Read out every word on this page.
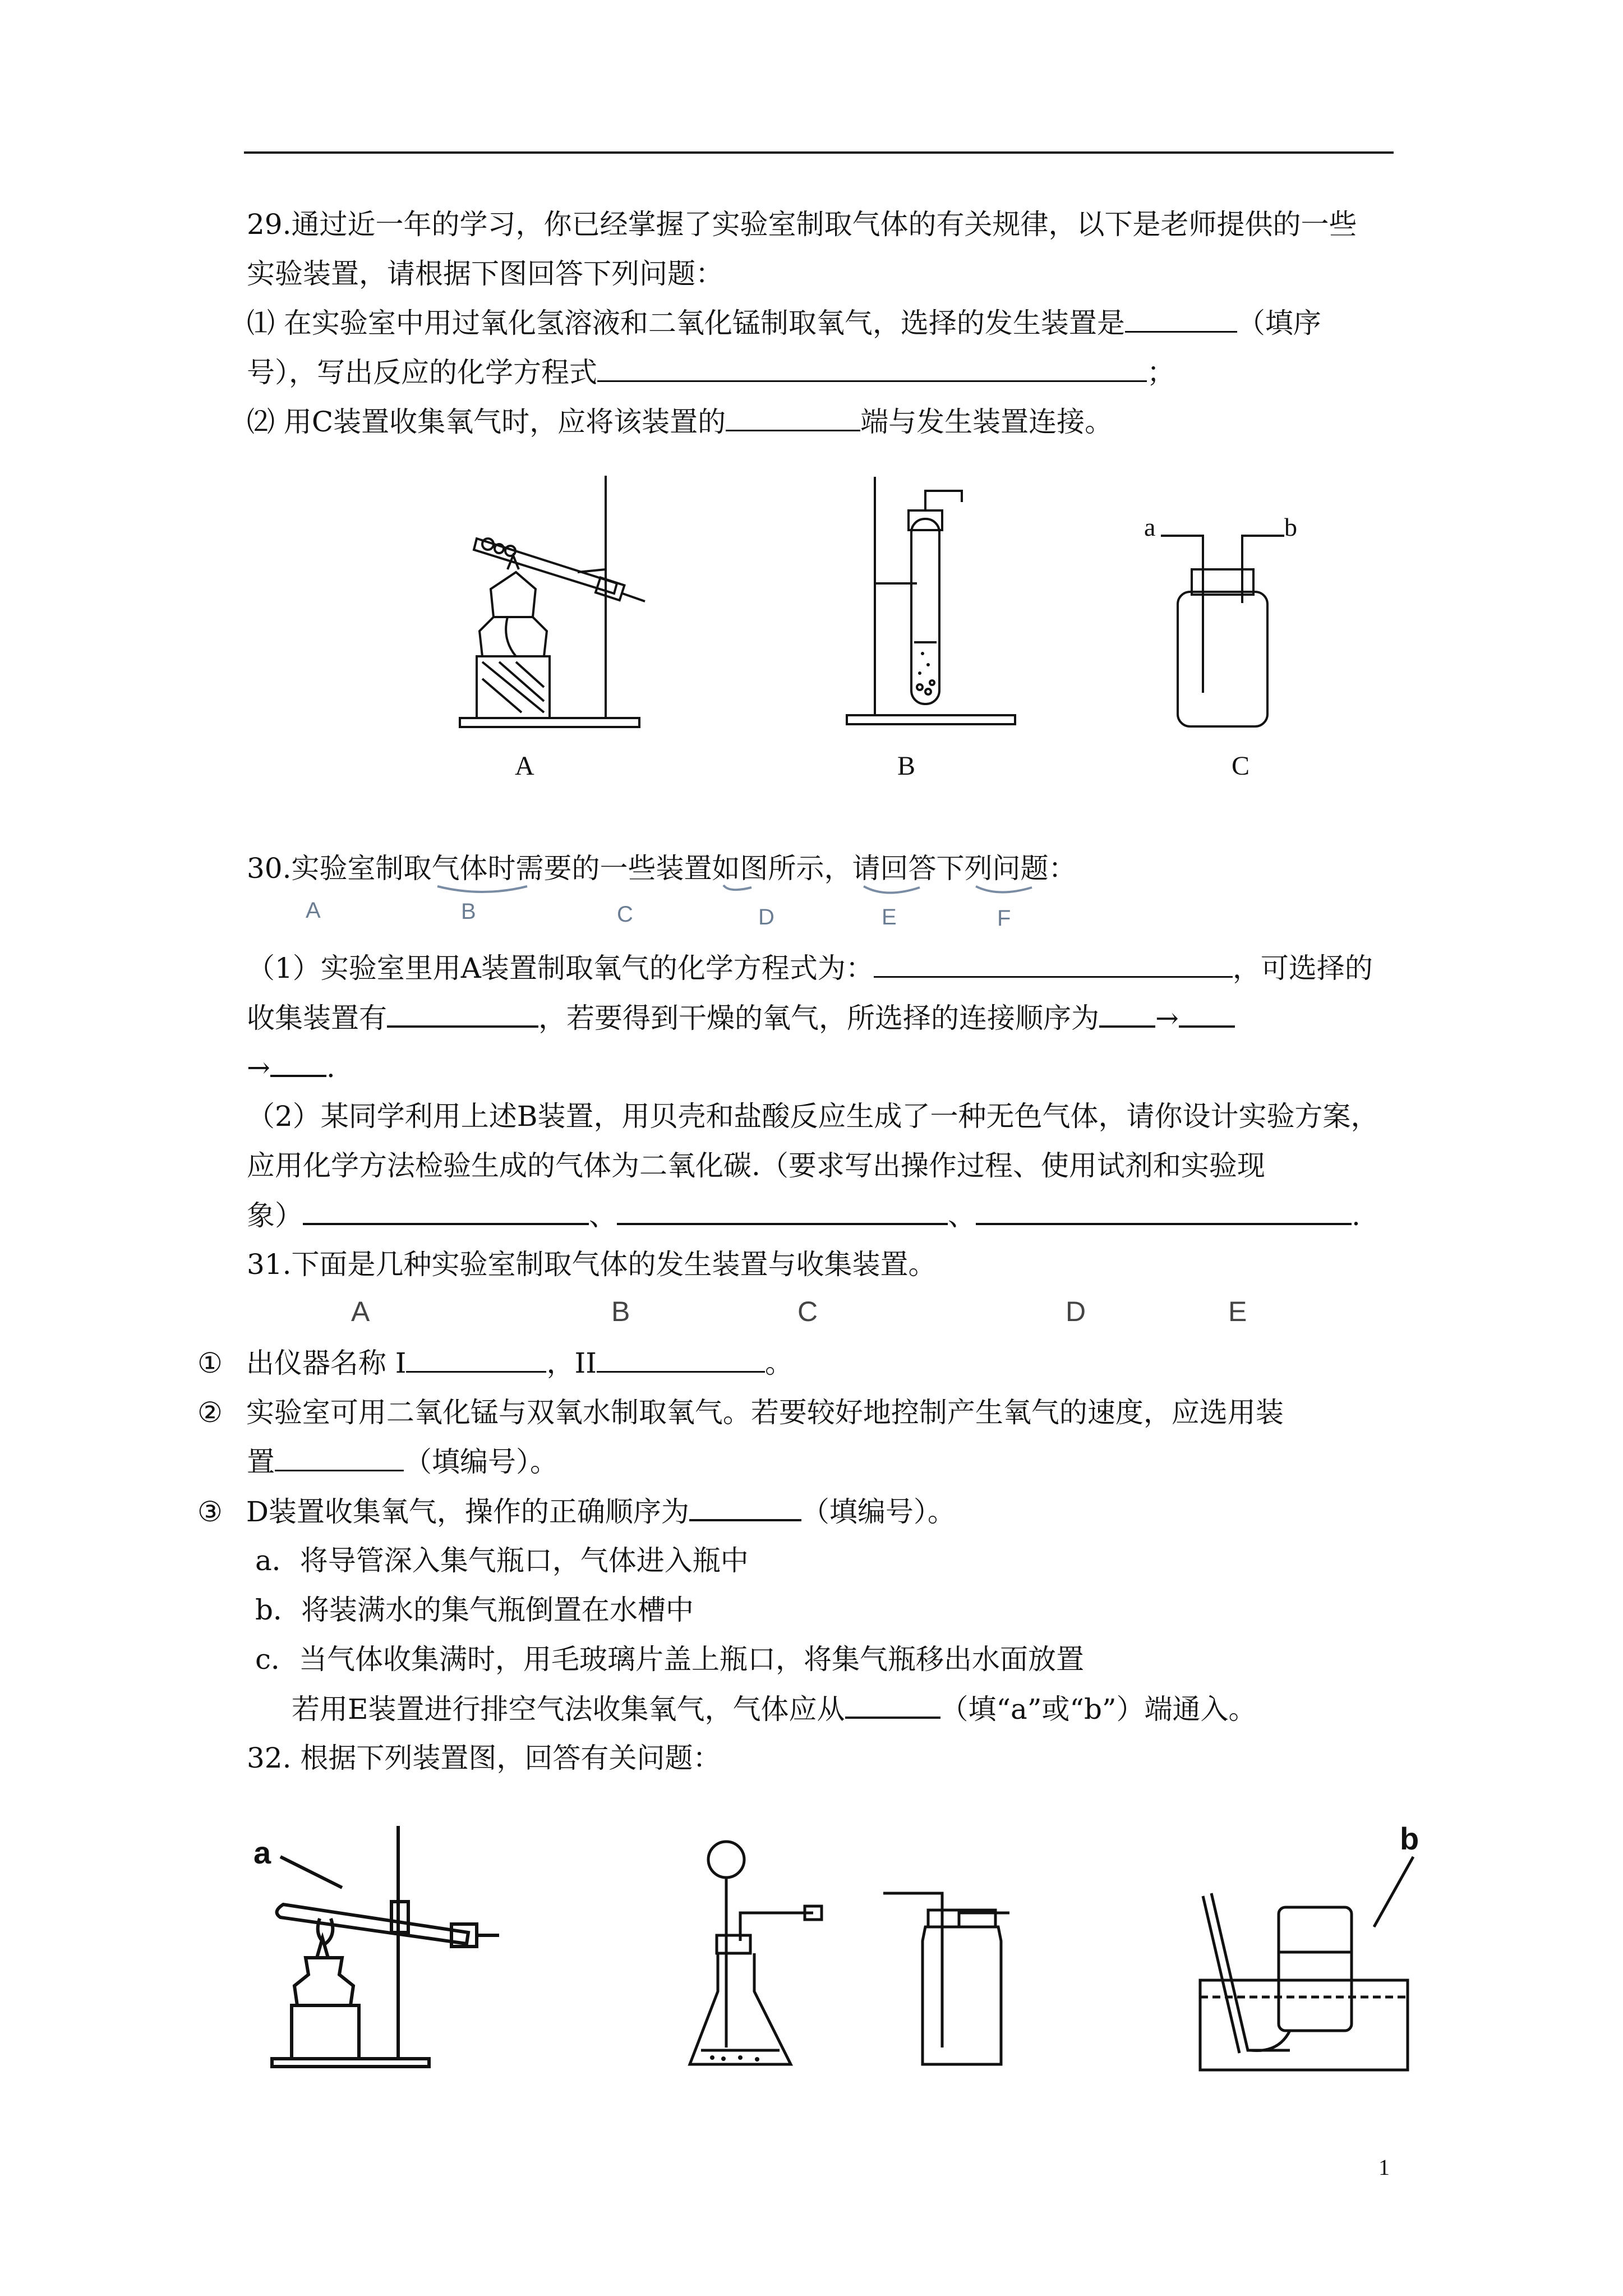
29.通过近一年的学习，你已经掌握了实验室制取气体的有关规律，以下是老师提供的一些
实验装置，请根据下图回答下列问题：
⑴ 在实验室中用过氧化氢溶液和二氧化锰制取氧气，选择的发生装置是	（填序
号），写出反应的化学方程式	；
⑵ 用C装置收集氧气时，应将该装置的	端与发生装置连接。
A	B
a	b
C
30.实验室制取气体时需要的一些装置如图所示，请回答下列问题：
A	B	C	D	E	F
（1）实验室里用A装置制取氧气的化学方程式为：	，可选择的
收集装置有	，若要得到干燥的氧气，所选择的连接顺序为 →
→ .
（2）某同学利用上述B装置，用贝壳和盐酸反应生成了一种无色气体，请你设计实验方案，
应用化学方法检验生成的气体为二氧化碳.（要求写出操作过程、使用试剂和实验现
象）	、	、	.
31.下面是几种实验室制取气体的发生装置与收集装置。
A	B	C	D	E
① 出仪器名称 I	，II	。
② 实验室可用二氧化锰与双氧水制取氧气。若要较好地控制产生氧气的速度，应选用装
置	（填编号）。
③ D装置收集氧气，操作的正确顺序为	（填编号）。
a．将导管深入集气瓶口，气体进入瓶中
b．将装满水的集气瓶倒置在水槽中
c．当气体收集满时，用毛玻璃片盖上瓶口，将集气瓶移出水面放置
若用E装置进行排空气法收集氧气，气体应从	（填“a”或“b”）端通入。
32. 根据下列装置图，回答有关问题：
a	b
1
